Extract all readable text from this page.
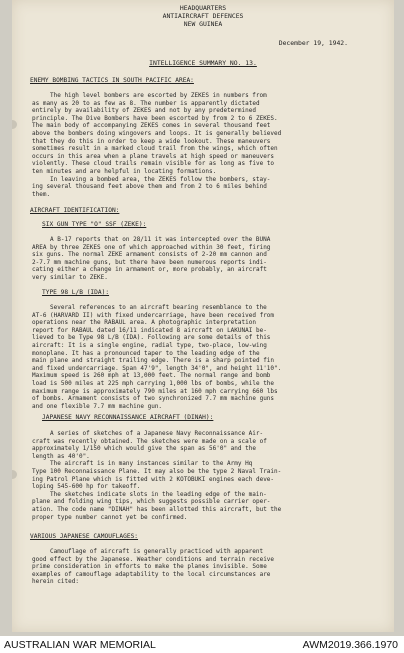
HEADQUARTERS
ANTIAIRCRAFT DEFENCES
NEW GUINEA
December 19, 1942.
INTELLIGENCE SUMMARY NO. 13.
ENEMY BOMBING TACTICS IN SOUTH PACIFIC AREA:
The high level bombers are escorted by ZEKES in numbers from
as many as 20 to as few as 8. The number is apparently dictated
entirely by availability of ZEKES and not by any predetermined
principle. The Dive Bombers have been escorted by from 2 to 6 ZEKES.
The main body of accompanying ZEKES comes in several thousand feet
above the bombers doing wingovers and loops. It is generally believed
that they do this in order to keep a wide lookout. These maneuvers
sometimes result in a marked cloud trail from the wings, which often
occurs in this area when a plane travels at high speed or maneuvers
violently. These cloud trails remain visible for as long as five to
ten minutes and are helpful in locating formations.
In leaving a bombed area, the ZEKES follow the bombers, stay-
ing several thousand feet above them and from 2 to 6 miles behind
them.
AIRCRAFT IDENTIFICATION:
SIX GUN TYPE "O" SSF (ZEKE):
A B-17 reports that on 28/11 it was intercepted over the BUNA
AREA by three ZEKES one of which approached within 30 feet, firing
six guns. The normal ZEKE armament consists of 2-20 mm cannon and
2-7.7 mm machine guns, but there have been numerous reports indi-
cating either a change in armament or, more probably, an aircraft
very similar to ZEKE.
TYPE 98 L/B (IDA):
Several references to an aircraft bearing resemblance to the
AT-6 (HARVARD II) with fixed undercarriage, have been received from
operations near the RABAUL area. A photographic interpretation
report for RABAUL dated 16/11 indicated 8 aircraft on LAKUNAI be-
lieved to be Type 98 L/B (IDA). Following are some details of this
aircraft: It is a single engine, radial type, two-place, low-wing
monoplane. It has a pronounced taper to the leading edge of the
main plane and straight trailing edge. There is a sharp pointed fin
and fixed undercarriage. Span 47'9", length 34'0", and height 11'10".
Maximum speed is 260 mph at 13,000 feet. The normal range and bomb
load is 500 miles at 225 mph carrying 1,000 lbs of bombs, while the
maximum range is approximately 790 miles at 160 mph carrying 660 lbs
of bombs. Armament consists of two synchronized 7.7 mm machine guns
and one flexible 7.7 mm machine gun.
JAPANESE NAVY RECONNAISSANCE AIRCRAFT (DINAH):
A series of sketches of a Japanese Navy Reconnaissance Air-
craft was recently obtained. The sketches were made on a scale of
approximately 1/150 which would give the span as 56'0" and the
length as 40'0".
The aircraft is in many instances similar to the Army Hq
Type 100 Reconnaissance Plane. It may also be the type 2 Naval Train-
ing Patrol Plane which is fitted with 2 KOTOBUKI engines each deve-
loping 545-600 hp for takeoff.
The sketches indicate slots in the leading edge of the main-
plane and folding wing tips, which suggests possible carrier oper-
ation. The code name "DINAH" has been allotted this aircraft, but the
proper type number cannot yet be confirmed.
VARIOUS JAPANESE CAMOUFLAGES:
Camouflage of aircraft is generally practiced with apparent
good effect by the Japanese. Weather conditions and terrain receive
prime consideration in efforts to make the planes invisible. Some
examples of camouflage adaptability to the local circumstances are
herein cited:
AUSTRALIAN WAR MEMORIAL	AWM2019.366.1970
